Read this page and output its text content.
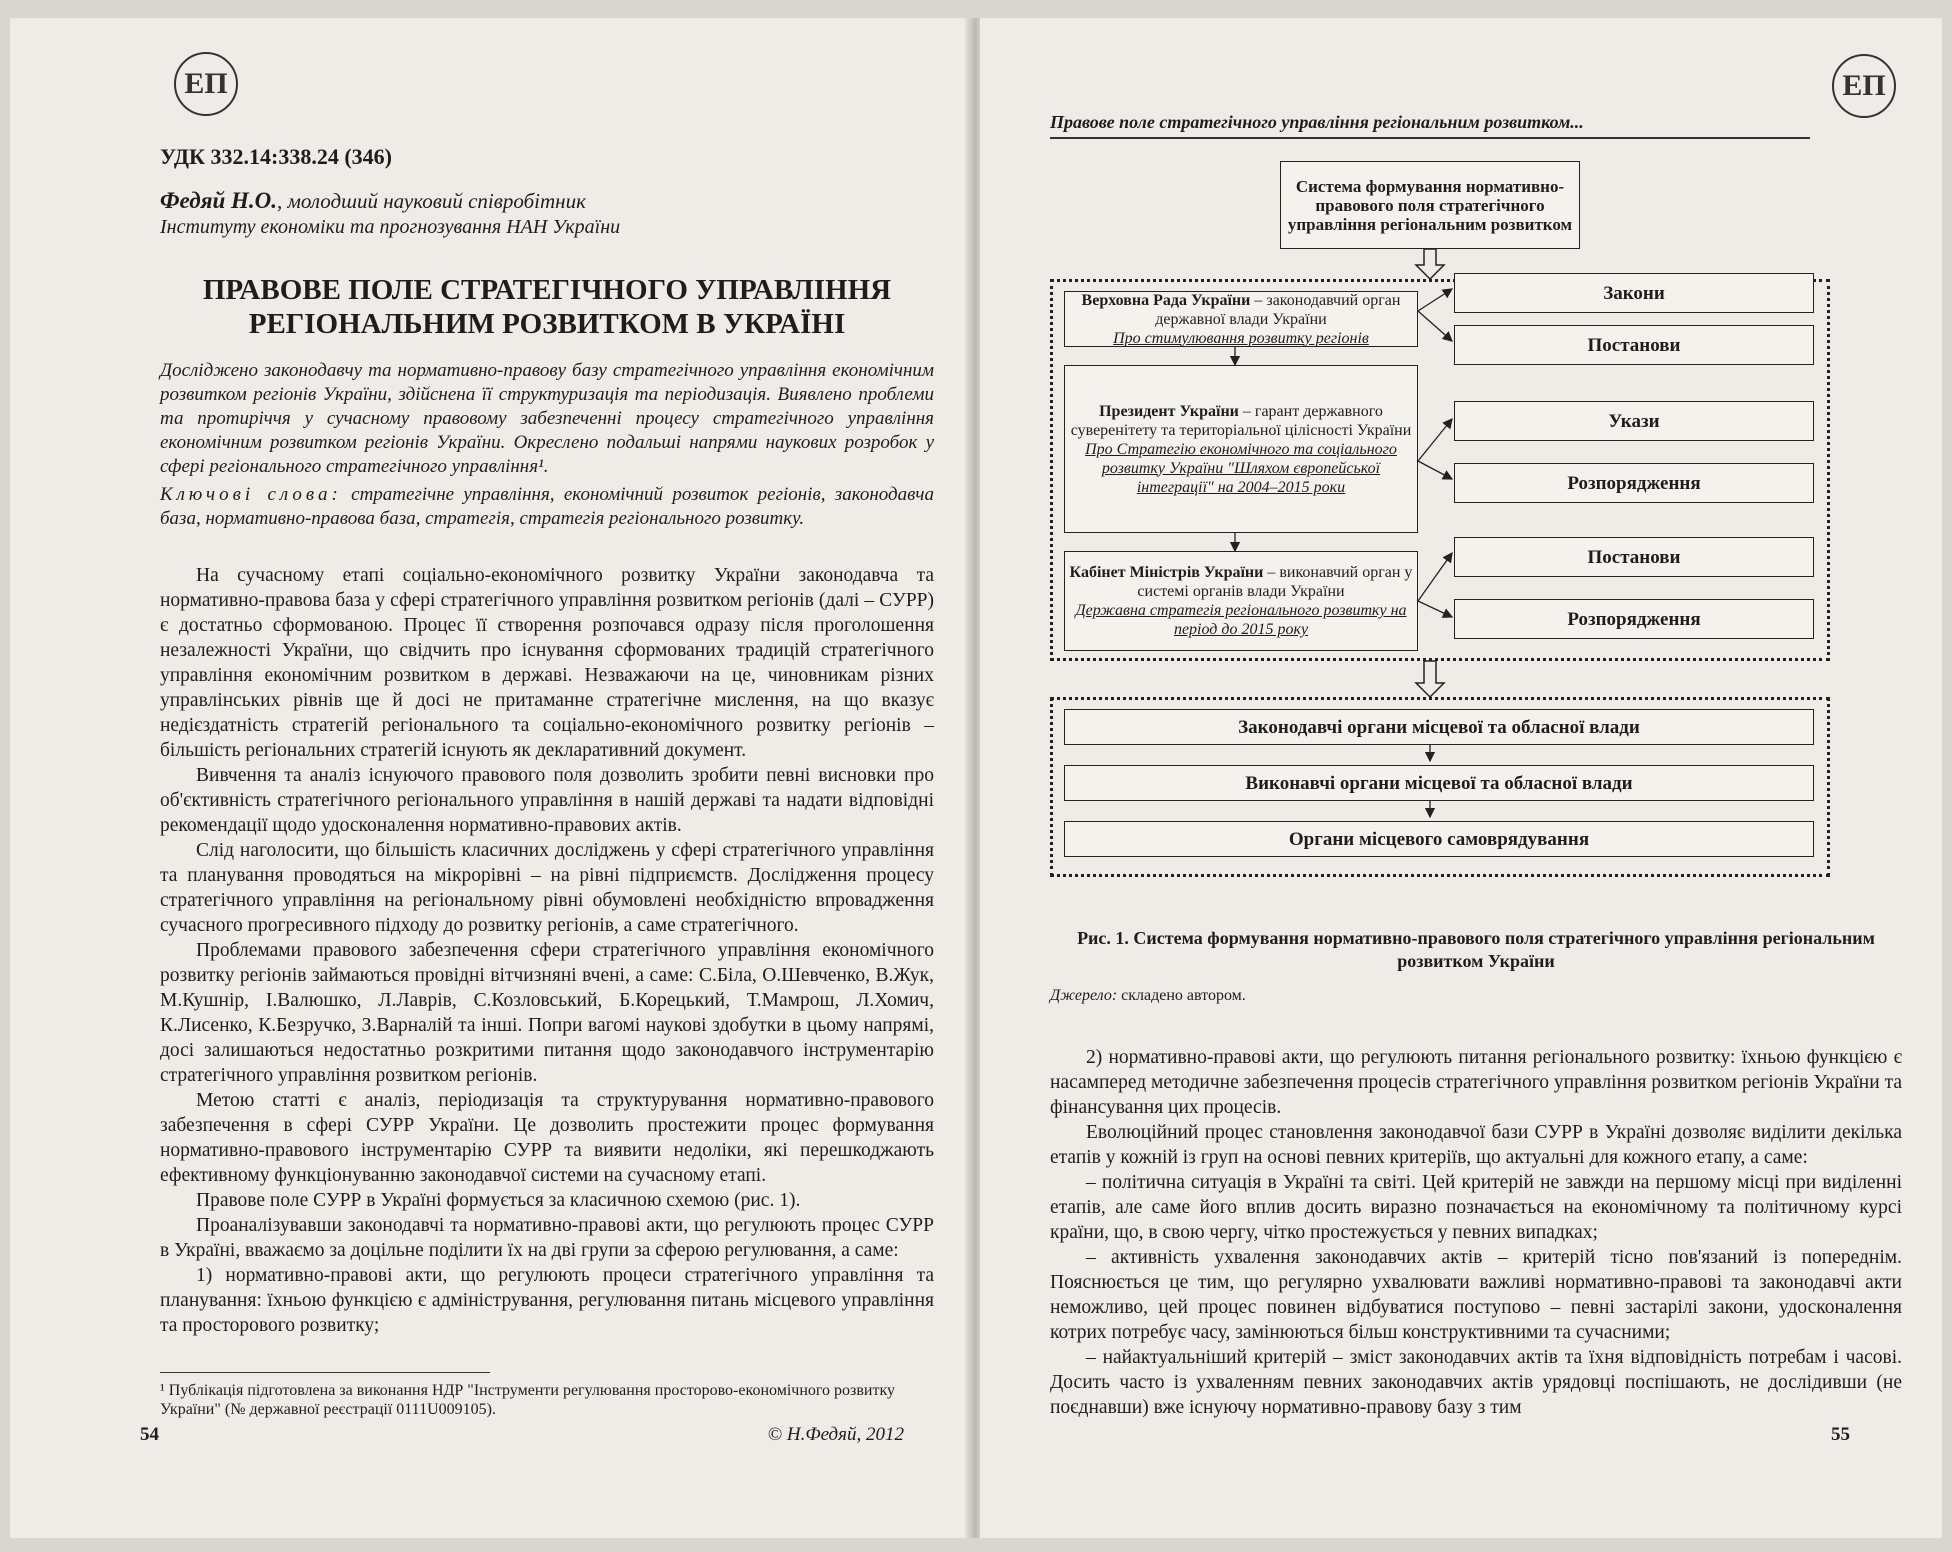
ЕП
УДК 332.14:338.24 (346)
Федяй Н.О., молодший науковий співробітник
Інституту економіки та прогнозування НАН України
ПРАВОВЕ ПОЛЕ СТРАТЕГІЧНОГО УПРАВЛІННЯ РЕГІОНАЛЬНИМ РОЗВИТКОМ В УКРАЇНІ
Досліджено законодавчу та нормативно-правову базу стратегічного управління економічним розвитком регіонів України, здійснена її структуризація та періодизація. Виявлено проблеми та протиріччя у сучасному правовому забезпеченні процесу стратегічного управління економічним розвитком регіонів України. Окреслено подальші напрями наукових розробок у сфері регіонального стратегічного управління¹.
Ключові слова: стратегічне управління, економічний розвиток регіонів, законодавча база, нормативно-правова база, стратегія, стратегія регіонального розвитку.

На сучасному етапі соціально-економічного розвитку України законодавча та нормативно-правова база у сфері стратегічного управління розвитком регіонів (далі – СУРР) є достатньо сформованою. Процес її створення розпочався одразу після проголошення незалежності України, що свідчить про існування сформованих традицій стратегічного управління економічним розвитком в державі. Незважаючи на це, чиновникам різних управлінських рівнів ще й досі не притаманне стратегічне мислення, на що вказує недієздатність стратегій регіонального та соціально-економічного розвитку регіонів – більшість регіональних стратегій існують як декларативний документ.

Вивчення та аналіз існуючого правового поля дозволить зробити певні висновки про об'єктивність стратегічного регіонального управління в нашій державі та надати відповідні рекомендації щодо удосконалення нормативно-правових актів.

Слід наголосити, що більшість класичних досліджень у сфері стратегічного управління та планування проводяться на мікрорівні – на рівні підприємств. Дослідження процесу стратегічного управління на регіональному рівні обумовлені необхідністю впровадження сучасного прогресивного підходу до розвитку регіонів, а саме стратегічного.

Проблемами правового забезпечення сфери стратегічного управління економічного розвитку регіонів займаються провідні вітчизняні вчені, а саме: С.Біла, О.Шевченко, В.Жук, М.Кушнір, І.Валюшко, Л.Лаврів, С.Козловський, Б.Корецький, Т.Мамрош, Л.Хомич, К.Лисенко, К.Безручко, З.Варналій та інші. Попри вагомі наукові здобутки в цьому напрямі, досі залишаються недостатньо розкритими питання щодо законодавчого інструментарію стратегічного управління розвитком регіонів.

Метою статті є аналіз, періодизація та структурування нормативно-правового забезпечення в сфері СУРР України. Це дозволить простежити процес формування нормативно-правового інструментарію СУРР та виявити недоліки, які перешкоджають ефективному функціонуванню законодавчої системи на сучасному етапі.

Правове поле СУРР в Україні формується за класичною схемою (рис. 1).

Проаналізувавши законодавчі та нормативно-правові акти, що регулюють процес СУРР в Україні, вважаємо за доцільне поділити їх на дві групи за сферою регулювання, а саме:

1) нормативно-правові акти, що регулюють процеси стратегічного управління та планування: їхньою функцією є адміністрування, регулювання питань місцевого управління та просторового розвитку;

¹ Публікація підготовлена за виконання НДР "Інструменти регулювання просторово-економічного розвитку України" (№ державної реєстрації 0111U009105).
54	© Н.Федяй, 2012
ЕП
Правове поле стратегічного управління регіональним розвитком...
Система формування нормативно-правового поля стратегічного управління регіональним розвитком
Верховна Рада України – законодавчий орган державної влади України
Про стимулювання розвитку регіонів
Президент України – гарант державного суверенітету та територіальної цілісності України
Про Стратегію економічного та соціального розвитку України "Шляхом європейської інтеграції" на 2004–2015 роки
Кабінет Міністрів України – виконавчий орган у системі органів влади України
Державна стратегія регіонального розвитку на період до 2015 року
Закони
Постанови
Укази
Розпорядження
Постанови
Розпорядження
Законодавчі органи місцевої та обласної влади
Виконавчі органи місцевої та обласної влади
Органи місцевого самоврядування
Рис. 1. Система формування нормативно-правового поля стратегічного управління регіональним розвитком України
Джерело: складено автором.

2) нормативно-правові акти, що регулюють питання регіонального розвитку: їхньою функцією є насамперед методичне забезпечення процесів стратегічного управління розвитком регіонів України та фінансування цих процесів.

Еволюційний процес становлення законодавчої бази СУРР в Україні дозволяє виділити декілька етапів у кожній із груп на основі певних критеріїв, що актуальні для кожного етапу, а саме:

– політична ситуація в Україні та світі. Цей критерій не завжди на першому місці при виділенні етапів, але саме його вплив досить виразно позначається на економічному та політичному курсі країни, що, в свою чергу, чітко простежується у певних випадках;

– активність ухвалення законодавчих актів – критерій тісно пов'язаний із попереднім. Пояснюється це тим, що регулярно ухвалювати важливі нормативно-правові та законодавчі акти неможливо, цей процес повинен відбуватися поступово – певні застарілі закони, удосконалення котрих потребує часу, замінюються більш конструктивними та сучасними;

– найактуальніший критерій – зміст законодавчих актів та їхня відповідність потребам і часові. Досить часто із ухваленням певних законодавчих актів урядовці поспішають, не дослідивши (не поєднавши) вже існуючу нормативно-правову базу з тим

55
